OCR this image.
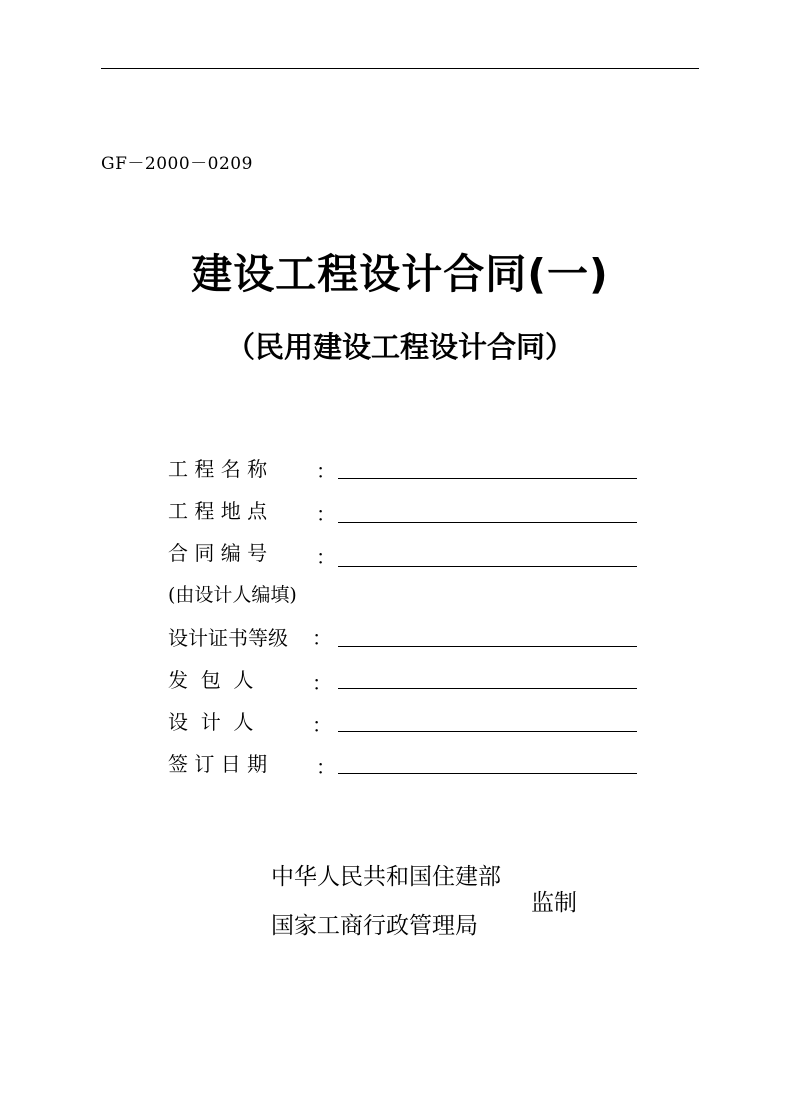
GF－2000－0209
建设工程设计合同(一)
（民用建设工程设计合同）
工 程 名 称 ：
工 程 地 点 ：
合 同 编 号 ：
(由设计人编填)
设计证书等级 ：
发  包  人	：
设  计  人	：
签 订 日 期 ：
中华人民共和国住建部
国家工商行政管理局
监制
